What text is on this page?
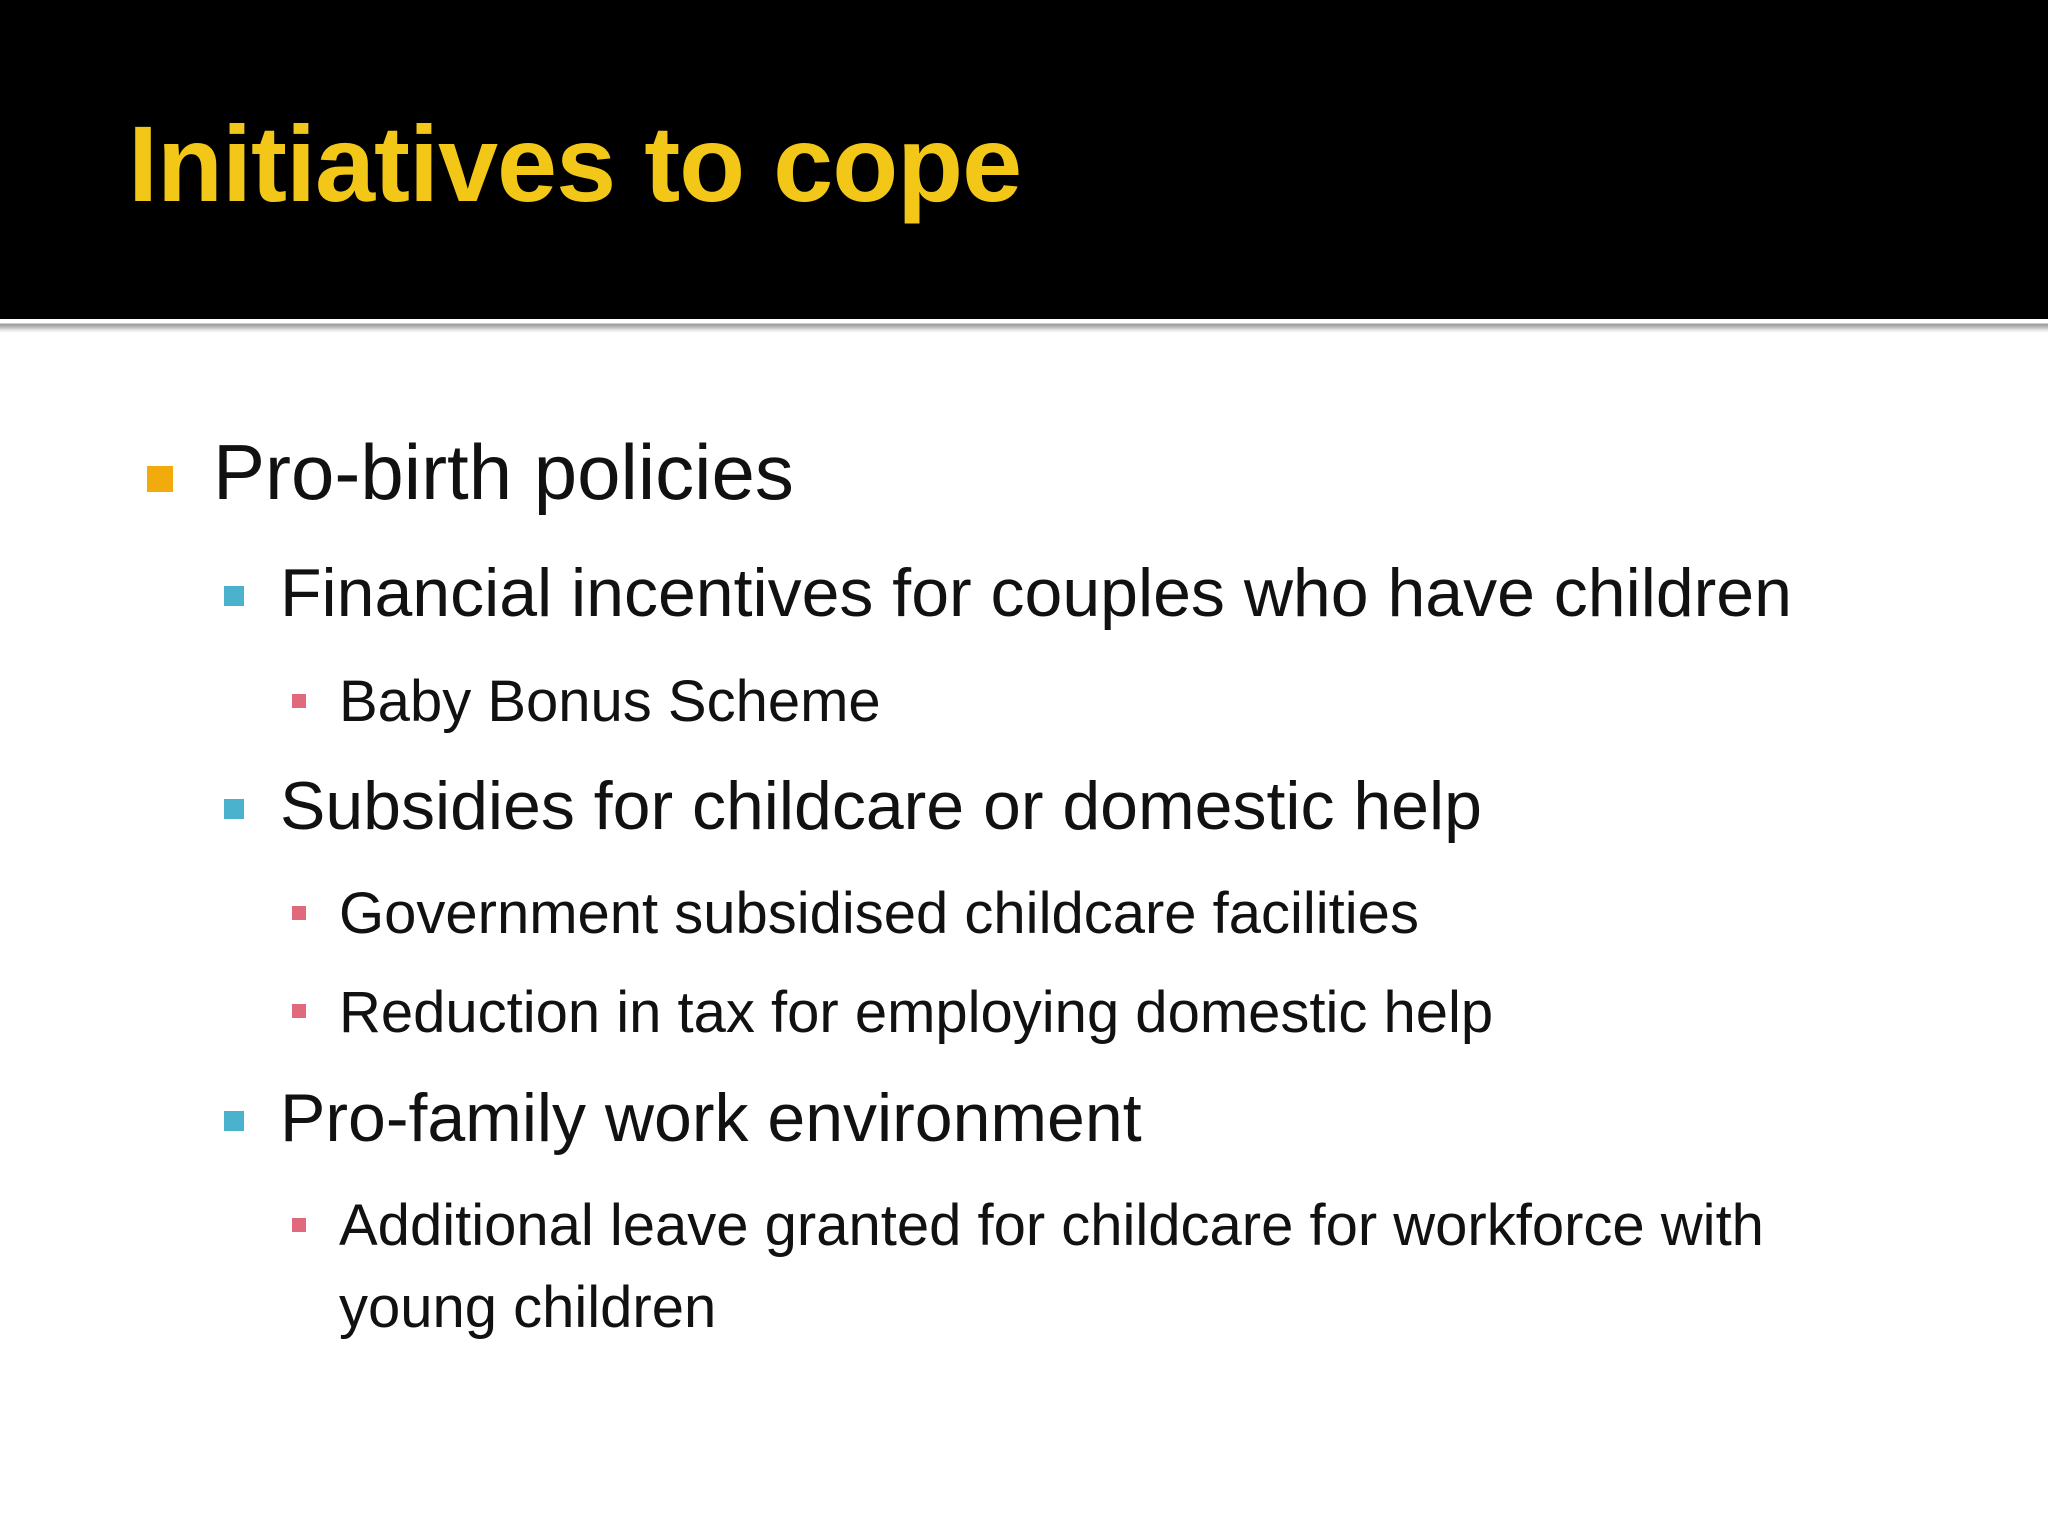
Initiatives to cope
Pro-birth policies
Financial incentives for couples who have children
Baby Bonus Scheme
Subsidies for childcare or domestic help
Government subsidised childcare facilities
Reduction in tax for employing domestic help
Pro-family work environment
Additional leave granted for childcare for workforce with young children
